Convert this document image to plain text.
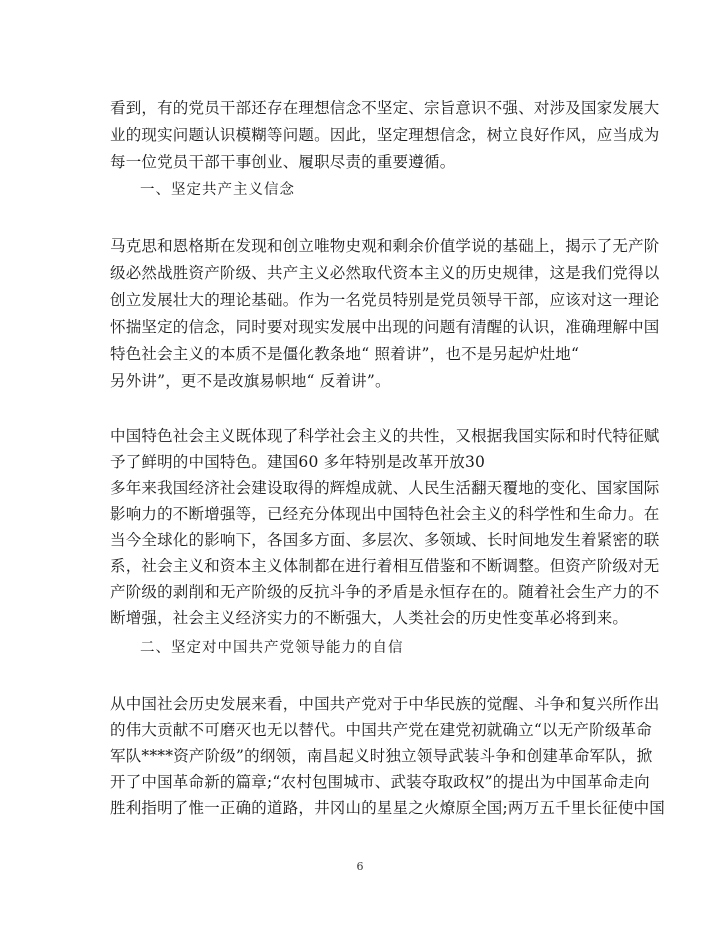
看到，有的党员干部还存在理想信念不坚定、宗旨意识不强、对涉及国家发展大
业的现实问题认识模糊等问题。因此，坚定理想信念，树立良好作风，应当成为
每一位党员干部干事创业、履职尽责的重要遵循。
一、坚定共产主义信念
马克思和恩格斯在发现和创立唯物史观和剩余价值学说的基础上，揭示了无产阶
级必然战胜资产阶级、共产主义必然取代资本主义的历史规律，这是我们党得以
创立发展壮大的理论基础。作为一名党员特别是党员领导干部，应该对这一理论
怀揣坚定的信念，同时要对现实发展中出现的问题有清醒的认识，准确理解中国
特色社会主义的本质不是僵化教条地“ 照着讲”，也不是另起炉灶地“
另外讲”，更不是改旗易帜地“ 反着讲”。
中国特色社会主义既体现了科学社会主义的共性，又根据我国实际和时代特征赋
予了鲜明的中国特色。建国60 多年特别是改革开放30
多年来我国经济社会建设取得的辉煌成就、人民生活翻天覆地的变化、国家国际
影响力的不断增强等，已经充分体现出中国特色社会主义的科学性和生命力。在
当今全球化的影响下，各国多方面、多层次、多领域、长时间地发生着紧密的联
系，社会主义和资本主义体制都在进行着相互借鉴和不断调整。但资产阶级对无
产阶级的剥削和无产阶级的反抗斗争的矛盾是永恒存在的。随着社会生产力的不
断增强，社会主义经济实力的不断强大，人类社会的历史性变革必将到来。
二、坚定对中国共产党领导能力的自信
从中国社会历史发展来看，中国共产党对于中华民族的觉醒、斗争和复兴所作出
的伟大贡献不可磨灭也无以替代。中国共产党在建党初就确立“以无产阶级革命
军队****资产阶级”的纲领，南昌起义时独立领导武装斗争和创建革命军队，掀
开了中国革命新的篇章;“农村包围城市、武装夺取政权”的提出为中国革命走向
胜利指明了惟一正确的道路，井冈山的星星之火燎原全国;两万五千里长征使中国
6
